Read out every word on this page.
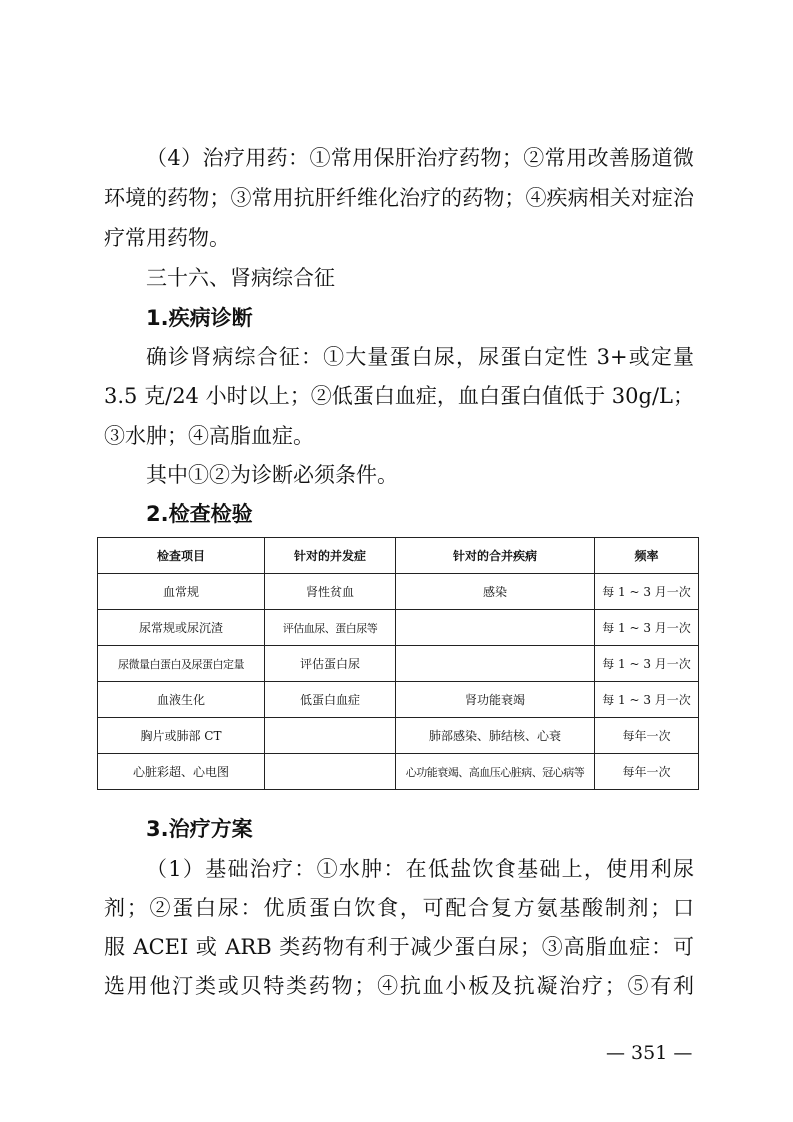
（4）治疗用药：①常用保肝治疗药物；②常用改善肠道微
环境的药物；③常用抗肝纤维化治疗的药物；④疾病相关对症治
疗常用药物。
三十六、肾病综合征
1.疾病诊断
确诊肾病综合征：①大量蛋白尿，尿蛋白定性 3+或定量
3.5 克/24 小时以上；②低蛋白血症，血白蛋白值低于 30g/L；
③水肿；④高脂血症。
其中①②为诊断必须条件。
2.检查检验
检查项目	针对的并发症	针对的合并疾病	频率
血常规	肾性贫血	感染	每 1 ~ 3 月一次
尿常规或尿沉渣	评估血尿、蛋白尿等		每 1 ~ 3 月一次
尿微量白蛋白及尿蛋白定量	评估蛋白尿		每 1 ~ 3 月一次
血液生化	低蛋白血症	肾功能衰竭	每 1 ~ 3 月一次
胸片或肺部 CT		肺部感染、肺结核、心衰	每年一次
心脏彩超、心电图		心功能衰竭、高血压心脏病、冠心病等	每年一次
3.治疗方案
（1）基础治疗：①水肿：在低盐饮食基础上，使用利尿
剂；②蛋白尿：优质蛋白饮食，可配合复方氨基酸制剂；口
服 ACEI 或 ARB 类药物有利于减少蛋白尿；③高脂血症：可
选用他汀类或贝特类药物；④抗血小板及抗凝治疗；⑤有利
— 351 —
